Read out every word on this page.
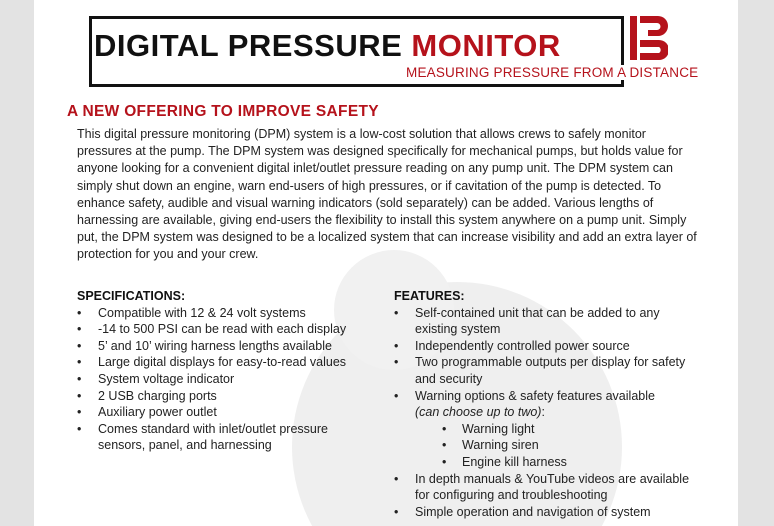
DIGITAL PRESSURE MONITOR
MEASURING PRESSURE FROM A DISTANCE
A NEW OFFERING TO IMPROVE SAFETY
This digital pressure monitoring (DPM) system is a low-cost solution that allows crews to safely monitor pressures at the pump. The DPM system was designed specifically for mechanical pumps, but holds value for anyone looking for a convenient digital inlet/outlet pressure reading on any pump unit. The DPM system can simply shut down an engine, warn end-users of high pressures, or if cavitation of the pump is detected. To enhance safety, audible and visual warning indicators (sold separately) can be added. Various lengths of harnessing are available, giving end-users the flexibility to install this system anywhere on a pump unit. Simply put, the DPM system was designed to be a localized system that can increase visibility and add an extra layer of protection for you and your crew.
SPECIFICATIONS:
• Compatible with 12 & 24 volt systems
• -14 to 500 PSI can be read with each display
• 5’ and 10’ wiring harness lengths available
• Large digital displays for easy-to-read values
• System voltage indicator
• 2 USB charging ports
• Auxiliary power outlet
• Comes standard with inlet/outlet pressure sensors, panel, and harnessing
FEATURES:
• Self-contained unit that can be added to any existing system
• Independently controlled power source
• Two programmable outputs per display for safety and security
• Warning options & safety features available
(can choose up to two):
• Warning light
• Warning siren
• Engine kill harness
• In depth manuals & YouTube videos are available for configuring and troubleshooting
• Simple operation and navigation of system
